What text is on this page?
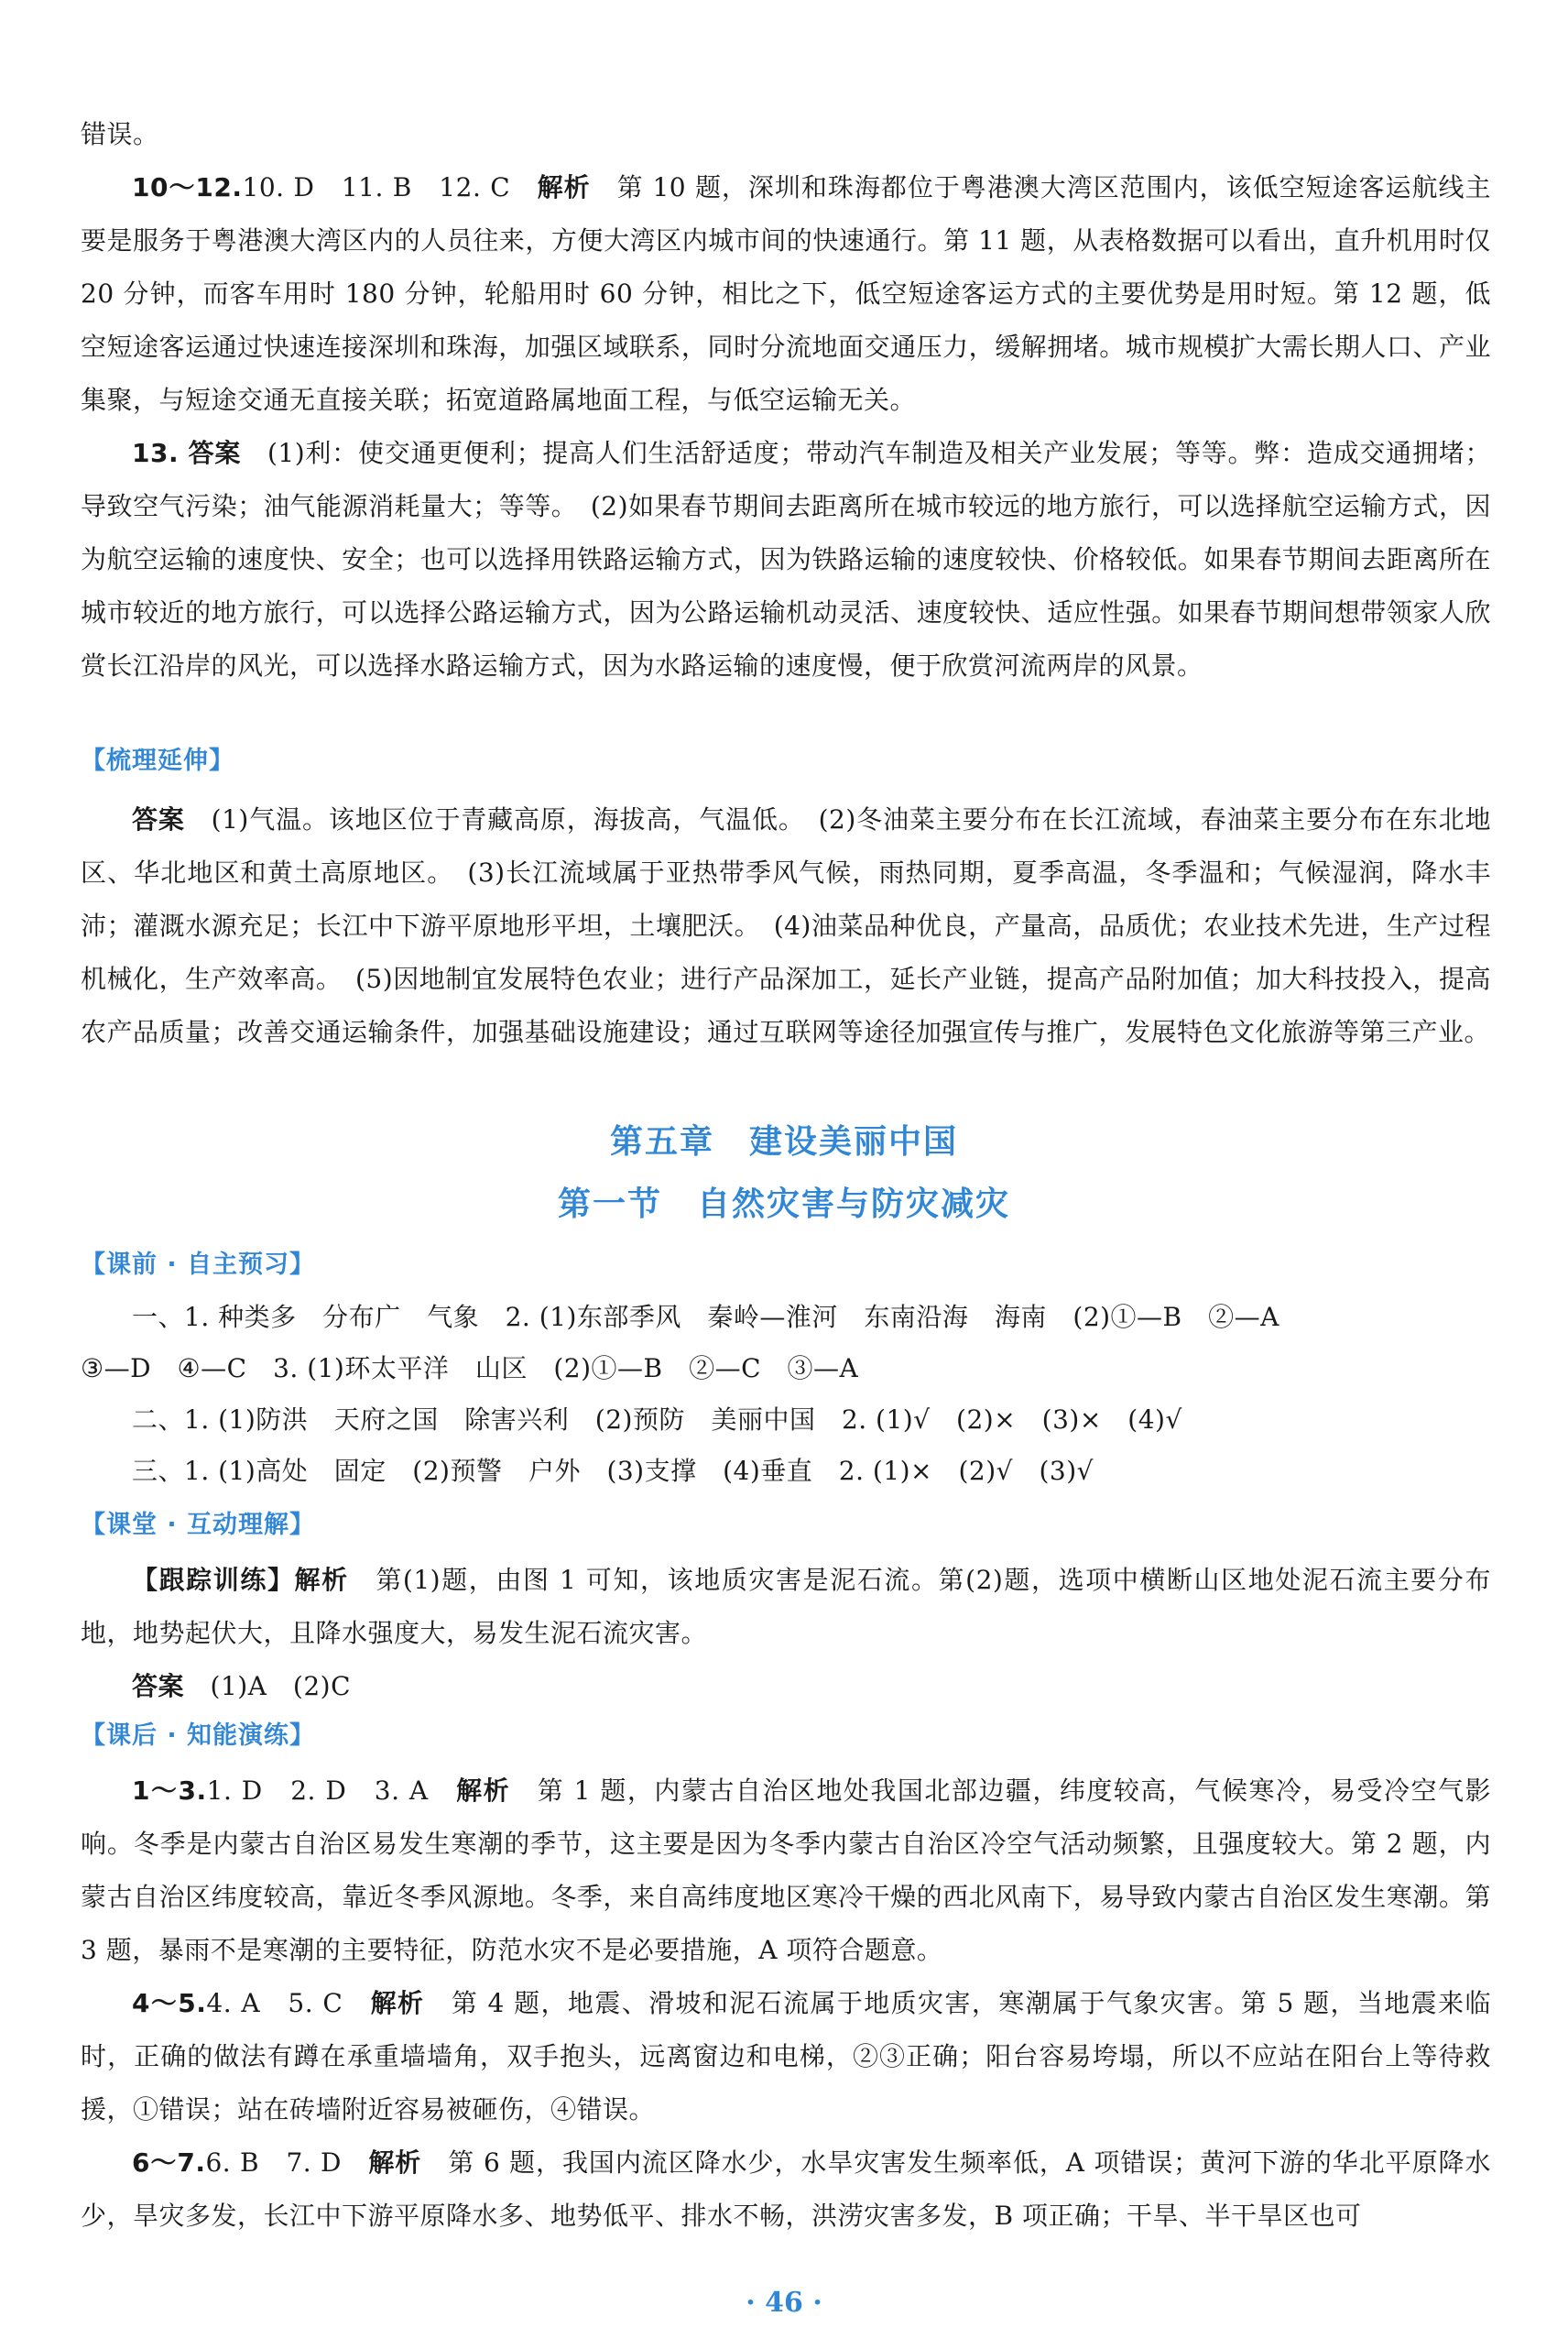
错误。
10～12.10. D　11. B　12. C　 解析　 第 10 题，深圳和珠海都位于粤港澳大湾区范围内，该低空短途客运航线主要是服务于粤港澳大湾区内的人员往来，方便大湾区内城市间的快速通行。第 11 题，从表格数据可以看出，直升机用时仅 20 分钟，而客车用时 180 分钟，轮船用时 60 分钟，相比之下，低空短途客运方式的主要优势是用时短。第 12 题，低空短途客运通过快速连接深圳和珠海，加强区域联系，同时分流地面交通压力，缓解拥堵。城市规模扩大需长期人口、产业集聚，与短途交通无直接关联；拓宽道路属地面工程，与低空运输无关。
13. 答案　 (1)利：使交通更便利；提高人们生活舒适度；带动汽车制造及相关产业发展；等等。弊：造成交通拥堵；导致空气污染；油气能源消耗量大；等等。　(2)如果春节期间去距离所在城市较远的地方旅行，可以选择航空运输方式，因为航空运输的速度快、安全；也可以选择用铁路运输方式，因为铁路运输的速度较快、价格较低。如果春节期间去距离所在城市较近的地方旅行，可以选择公路运输方式，因为公路运输机动灵活、速度较快、适应性强。如果春节期间想带领家人欣赏长江沿岸的风光，可以选择水路运输方式，因为水路运输的速度慢，便于欣赏河流两岸的风景。
【梳理延伸】
答案　 (1)气温。该地区位于青藏高原，海拔高，气温低。　(2)冬油菜主要分布在长江流域，春油菜主要分布在东北地区、华北地区和黄土高原地区。　(3)长江流域属于亚热带季风气候，雨热同期，夏季高温，冬季温和；气候湿润，降水丰沛；灌溉水源充足；长江中下游平原地形平坦，土壤肥沃。　(4)油菜品种优良，产量高，品质优；农业技术先进，生产过程机械化，生产效率高。　(5)因地制宜发展特色农业；进行产品深加工，延长产业链，提高产品附加值；加大科技投入，提高农产品质量；改善交通运输条件，加强基础设施建设；通过互联网等途径加强宣传与推广，发展特色文化旅游等第三产业。
第五章　建设美丽中国
第一节　自然灾害与防灾减灾
【课前 · 自主预习】
一、1. 种类多　分布广　气象　2. (1)东部季风　秦岭—淮河　东南沿海　海南　(2)①—B　②—A
③—D　④—C　3. (1)环太平洋　山区　(2)①—B　②—C　③—A
二、1. (1)防洪　天府之国　除害兴利　(2)预防　美丽中国　2. (1)√　(2)×　(3)×　(4)√
三、1. (1)高处　固定　(2)预警　户外　(3)支撑　(4)垂直　2. (1)×　(2)√　(3)√
【课堂 · 互动理解】
【跟踪训练】解析　 第(1)题，由图 1 可知，该地质灾害是泥石流。第(2)题，选项中横断山区地处泥石流主要分布地，地势起伏大，且降水强度大，易发生泥石流灾害。
答案　 (1)A　(2)C
【课后 · 知能演练】
1～3.1. D　2. D　3. A　 解析　 第 1 题，内蒙古自治区地处我国北部边疆，纬度较高，气候寒冷，易受冷空气影响。冬季是内蒙古自治区易发生寒潮的季节，这主要是因为冬季内蒙古自治区冷空气活动频繁，且强度较大。第 2 题，内蒙古自治区纬度较高，靠近冬季风源地。冬季，来自高纬度地区寒冷干燥的西北风南下，易导致内蒙古自治区发生寒潮。第 3 题，暴雨不是寒潮的主要特征，防范水灾不是必要措施，A 项符合题意。
4～5.4. A　5. C　 解析　 第 4 题，地震、滑坡和泥石流属于地质灾害，寒潮属于气象灾害。第 5 题，当地震来临时，正确的做法有蹲在承重墙墙角，双手抱头，远离窗边和电梯，②③正确；阳台容易垮塌，所以不应站在阳台上等待救援，①错误；站在砖墙附近容易被砸伤，④错误。
6～7.6. B　7. D　 解析　 第 6 题，我国内流区降水少，水旱灾害发生频率低，A 项错误；黄河下游的华北平原降水少，旱灾多发，长江中下游平原降水多、地势低平、排水不畅，洪涝灾害多发，B 项正确；干旱、半干旱区也可
· 46 ·
